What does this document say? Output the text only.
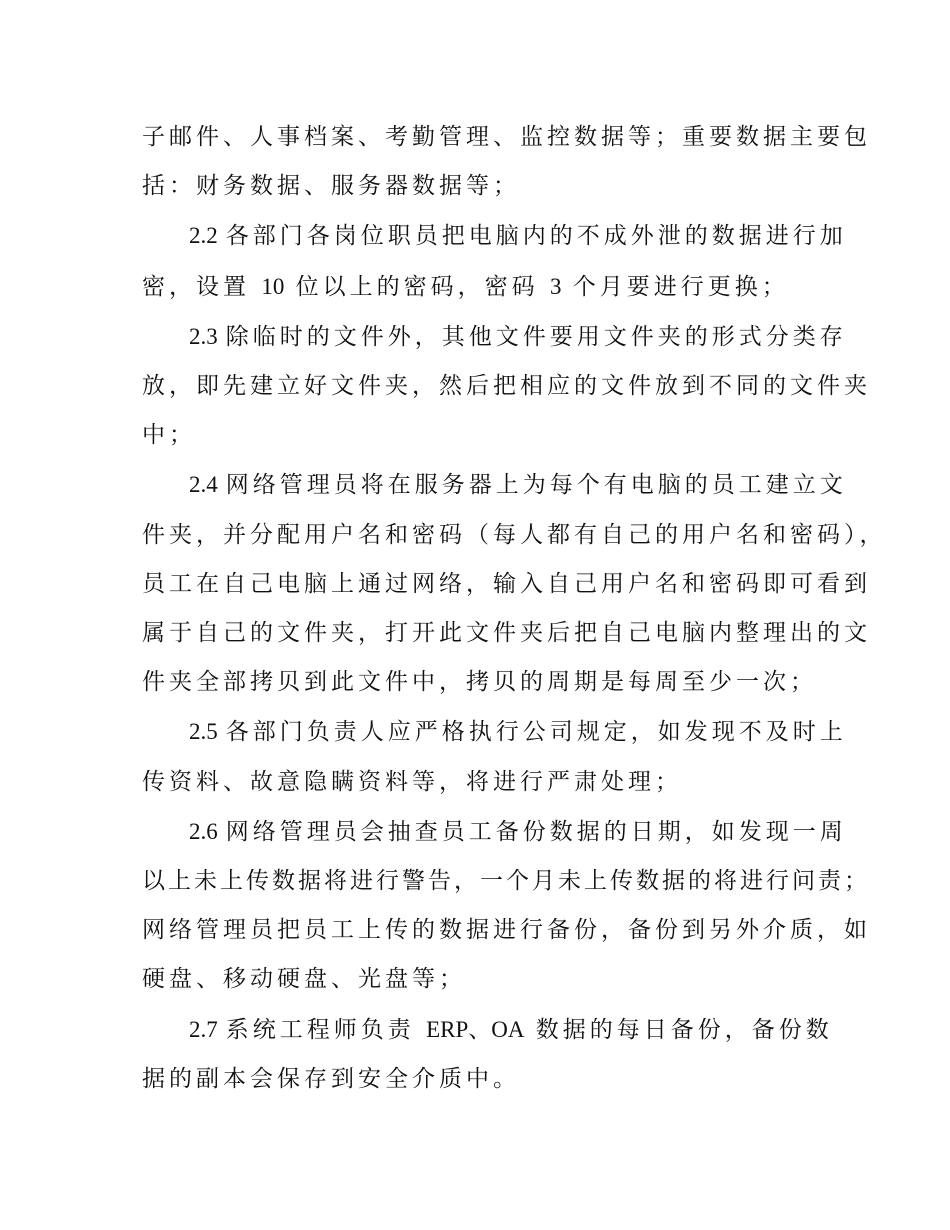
子邮件、人事档案、考勤管理、监控数据等；重要数据主要包
括：财务数据、服务器数据等；

2.2 各部门各岗位职员把电脑内的不成外泄的数据进行加
密，设置 10 位以上的密码，密码 3 个月要进行更换；

2.3 除临时的文件外，其他文件要用文件夹的形式分类存
放，即先建立好文件夹，然后把相应的文件放到不同的文件夹
中；

2.4 网络管理员将在服务器上为每个有电脑的员工建立文
件夹，并分配用户名和密码（每人都有自己的用户名和密码），
员工在自己电脑上通过网络，输入自己用户名和密码即可看到
属于自己的文件夹，打开此文件夹后把自己电脑内整理出的文
件夹全部拷贝到此文件中，拷贝的周期是每周至少一次；

2.5 各部门负责人应严格执行公司规定，如发现不及时上
传资料、故意隐瞒资料等，将进行严肃处理；

2.6 网络管理员会抽查员工备份数据的日期，如发现一周
以上未上传数据将进行警告，一个月未上传数据的将进行问责；
网络管理员把员工上传的数据进行备份，备份到另外介质，如
硬盘、移动硬盘、光盘等；

2.7 系统工程师负责 ERP、OA 数据的每日备份，备份数
据的副本会保存到安全介质中。
